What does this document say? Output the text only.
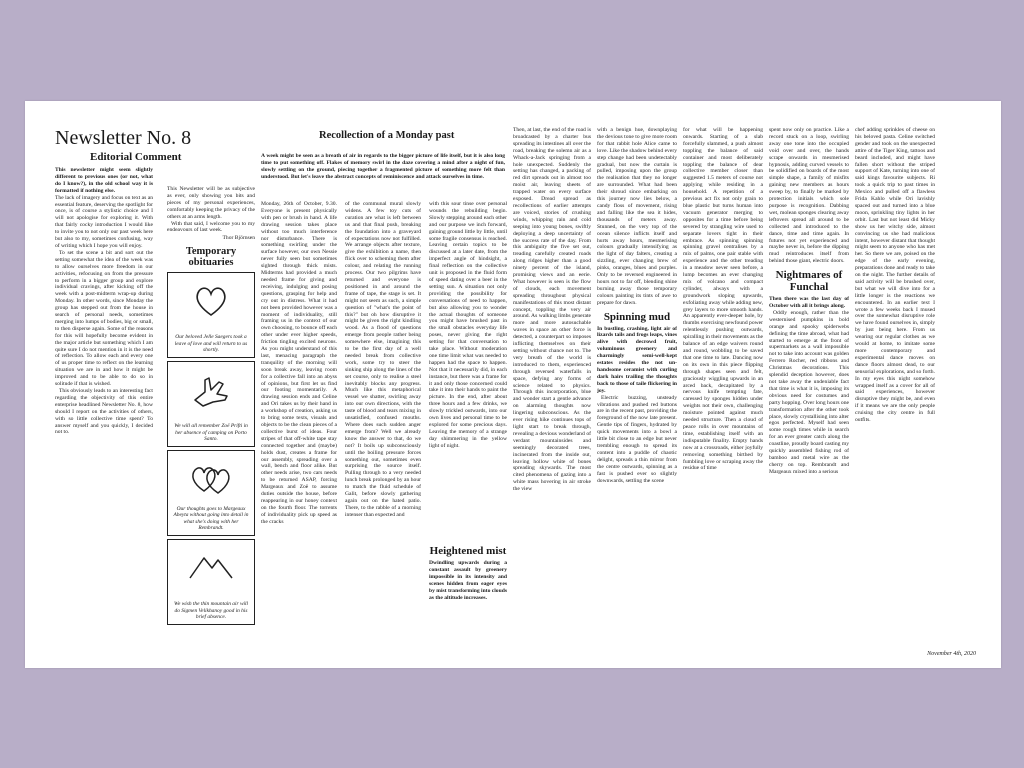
Newsletter No. 8
Editorial Comment

This newsletter might seem slightly different to previous ones (or not, what do I know?), in the old school way it is formatted if nothing else.

The lack of imagery and focus on text as an essential feature, deserving the spotlight for once, is of course a stylistic choice and I will not apologise for exploring it. With that fairly cocky introduction I would like to invite you to not only our past week here but also to my, sometimes confusing, way of writing which I hope you will enjoy.

To set the scene a bit and sort out the setting somewhat the idea of the week was to allow ourselves more freedom in our activities, refocusing on from the pressure to perform in a bigger group and explore individual cravings, after kicking off the week with a post-midterm wrap-up during Monday. In other words, since Monday the group has stepped out from the house in search of personal needs, sometimes merging into lumps of bodies, big or small, to then disperse again. Some of the reasons for this will hopefully become evident in the major article but something which I am quite sure I do not mention in it is the need of reflection. To allow each and every one of us proper time to reflect on the learning situation we are in and how it might be improved and to be able to do so in solitude if that is wished.

This obviously leads to an interesting fact regarding the objectivity of this entire enterprise headlined Newsletter No. 8, how should I report on the activities of others, with so little collective time spent? To answer myself and you quickly, I decided not to.

This Newsletter will be as subjective as ever, only showing you bits and pieces of my personal experiences, comfortably keeping the privacy of the others at an arms length.

With that said, I welcome you to my endeavours of last week.

Thor Björnsen
Temporary obituaries
Our beloved Jelle Saegers took a leave of love and will return to us shortly.
We will all remember Zoë Prifti in her absence of camping on Porto Santo.
Our thoughts goes to Margeaux Abeyta without going into detail in what she's doing with her Rembrandt.
We wish the thin mountain air will do Sigmen Velikhanoy good in his brief absence.
Recollection of a Monday past

A week might be seen as a breath of air in regards to the bigger picture of life itself, but it is also long time to put something off. Flakes of memory swirl in the daze covering a mind after a night of fun, slowly settling on the ground, piecing together a fragmented picture of something more felt than understood. But let's leave the abstract concepts of reminiscence and attack ourselves in time.

Monday, 26th of October, 9.30. Everyone is present physically with pen or brush in hand. A life drawing session takes place without too much interference nor disturbance. There is something swirling under the surface however, our own Nessie never fully seen but sometimes sighted through thick mists. Midterms had provided a much needed frame for giving and receiving, indulging and posing questions, grasping for help and cry out in distress. What it had not been provided however was a moment of individuality, still framing us in the context of our own choosing, to bounce off each other under ever higher speeds, friction tingling excited neurons. As you might understand of this last, menacing paragraph the tranquility of the morning will soon break away, leaving room for a collective fall into an abyss of opinions, but first let us find our footing momentarily. A drawing session ends and Celine and Ori takes us by their hand in a workshop of creation, asking us to bring some texts, visuals and objects to be the clean pieces of a collective burst of ideas. Four stripes of that off-white tape stay connected together and (maybe) holds dust, creates a frame for our assembly, spreading over a wall, bench and floor alike. But other needs arise, two cars needs to be returned ASAP, forcing Margeaux and Zoë to assume duties outside the house, before reappearing in our honey context on the fourth floor. The torrents of individuality pick up speed as the cracks

of the communal mural slowly widens. A few toy cuts of curation are what is left between us and that final push, breaking the foundation into a graveyard of expectations now not fulfilled. We arrange objects after texture, give the exhibition a name, then flick over to scheming them after colour, and relating the running process. Our two pilgrims have returned and everyone is positioned in and around the frame of tape, the stage is set. It might not seem as such, a simple question of "what's the point of this?" but oh how disruptive it might be given the right kindling wood. As a flood of questions emerge from people rather being somewhere else, imagining this to be the first day of a well needed break from collective work, some try to steer the sinking ship along the lines of the set course, only to realise a steel inevitably blocks any progress. Much like this metaphorical vessel we shatter, swirling away into our own directions, with the taste of blood and tears mixing in unsatisfied, confused mouths. Where does such sudden anger emerge from? Well we already know the answer to that, do we not? It boils up subconsciously until the boiling pressure forces something out, sometimes even surprising the source itself. Pulling through to a very needed lunch break prolonged by an hour to match the fluid schedule of Galit, before slowly gathering again out on the hated patio. There, to the rabble of a morning intenser than expected and

with this sour tinse over personal wounds the rebuilding begin. Slowly stepping around each other and our purpose we inch forward, gaining ground little by little, until some fragile consensus is reached. Leaving certain topics to be discussed at a later date, from the imperfect angle of hindsight, a final reflection on the collective unit is proposed in the fluid form of speed dating over a beer in the setting sun. A situation not only providing the possibility for conversations of need to happen, but also allowing you to wonder the actual thoughts of someone you might have brushed past in the small obstacles everyday life poses, never giving the right setting for that conversation to take place. Without moderation one time limit what was needed to happen had the space to happen. Not that it necessarily did, in each instance, but there was a frame for it and only those concerned could take it into their hands to paint the picture. In the end, after about three hours and a few drinks, we slowly trickled outwards, into our own lives and personal time to be explored for some precious days. Leaving the memory of a strange day shimmering in the yellow light of night.

Heightened mist

Dwindling upwards during a constant assault by greenery impossible in its intensity and scenes hidden from eager eyes by mist transforming into clouds as the altitude increases.

Then, at last, the end of the road is broadcasted by a charter bus spreading its intestines all over the road, breaking the solemn air as a Whack-a-Jack springing from a hole unexpected. Suddenly the setting has changed, a packing of red dirt spreads out in almost too moist air, leaving sheets of trapped water on every surface exposed. Dread spread as recollections of earlier attempts are voiced, stories of crushing winds, whipping rain and cold seeping into young bones, swiftly deploying a deep uncertainty of the success rate of the day. From this ambiguity the five set out, treading carefully created roads along ridges higher than a good ninety percent of the island, promising views and an eerie. What however is seen is the flow of clouds, each movement spreading throughout physical manifestations of this most distant concept, toppling the very air around. As walking limbs generate more and more autosuchable waves in space an other force is detected, a counterpart so imposes inflicting themselves on their setting without chance not to. The very breath of the world is introduced to them, experienced through reversed waterfalls in space, defying any forms of science related to physics. Through this incorporation, blue and wonder start a gentle advance on alarming thoughts now lingering subconscious. As the ever rising hike continues tops of light start to break through, revealing a devious wonderland of verdant mountainsides and seemingly decorated trees, incinerated from the inside out, leaving hollow white of bones spreading skywards. The most cited phenomena of gazing into a white mass hovering in air stroke the view

with a benign hue, downplaying the devious tone to give more room for that rabbit hole Alice came to love. Like the shadow behind every step change had been undetectably gradual, but now the curtain is pulled, imposing upon the group the realisation that they no longer are surrounded. What had been their shroud since embarking on this journey now lies below, a candy floss of movement, rising and falling like the sea it hides, thousands of meters away. Stunned, on the very top of the ocean silence inflicts itself and hurts away hours, mesmerising colours gradually intensifying as the light of day falters, creating a sizzling, ever changing brew of pinks, oranges, blues and purples. Only to be reversed engineered in hours not to far off, blending shine burning away those temporary colours painting its tints of awe to prepare for dawn.

Spinning mud

In bustling, crashing, light air of lizards tails and frogs leaps, vines alive with decrowd fruit, voluminous greenery and charmingly semi-well-kept estates resides the not un-handsome ceramist with curling dark hairs trailing the thoughts back to those of taile flickering in joy.

Electric buzzing, unsteady vibrations and pushed red buttons are in the recent past, providing the foreground of the now late present. Gentle tips of fingers, hydrated by quick movements into a bowl a little bit close to an edge but never trembling enough to spread its content into a puddle of chaotic delight, spreads a thin mirror from the centre outwards, spinning as a fast is pushed ever so slightly downwards, settling the scene

for what will be happening onwards. Starting of a slab forcefully slammed, a push almost toppling the balance of said container and most deliberately toppling the balance of dear collective member closer than suggested 1.5 meters of course not applying while residing in a household. A repetition of a previous act fix not only grain to blue plastic but turns human into vacuum generator merging to opposites for a time before being severed by strangling wire used to separate lovers tight in their embrace. As spinning spinning spinning gravel centralises by a mix of palms, one pair stable with experience and the other treading in a meadow never seen before, a lump becomes an ever changing mix of volcano and compact cylinder, always with a groundwork sloping upwards, exfoliating away while adding new, grey layers to more smooth hands. An apparently ever-deeper hole, by thumbs exercising newfound power relentlessly pushing outwards, spiralling in their movements as the balance of an edge waivers round and round, wobbling to be saved that one time to late. Dancing now on its own in this piece flipping through shapes seen and felt, graciously wiggling upwards in an arced back, decapitated by a nervous knife tempting fate, caressed by sponges hidden under weights not their own, challenging moisture pointed against much needed structure. Then a cloud of peace rolls in over mountains of time, establishing itself with an indisputable finality. Empty hands now at a crossroads, either joyfully removing something birthed by fumbling love or scraping away the residue of time

spent now only on practice. Like a record stuck on a loop, swirling away one tone into the occupied void over and over, the hands scrape onwards in mesmerised hypnosis, adding curved vessels to be solidified on boards of the most simple shape, a family of misfits gaining new members as hours sweep by, to finally be marked by protection initials which sole purpose is recognition. Dabbing wet, molean sponges clearing away leftovers spread all around to be collected and introduced to the dance, time and time again. In futures not yet experienced and maybe never in, before the dipping mud reintroduces itself from behind those giant, electric doors.

Nightmares of Funchal

Then there was the last day of October with all it brings along.

Oddly enough, rather than the westernised pumpkins in bold orange and spooky spiderwebs defining the time abroad, what had started to emerge at the front of supermarkets as a wall impossible not to take into account was golden Ferrero Rocher, red ribbons and Christmas decorations. This splendid deception however, does not take away the undeniable fact that time is what it is, imposing its obvious need for costumes and party hopping. Over long hours one transformation after the other took place, slowly crystallising into alter egos perfected. Myself had seen some rough times while in search for an ever greater catch along the coastline, proudly board casting my quickly assembled fishing rod of bamboo and metal wire as the cherry on top. Rembrandt and Margeaux mixed into a serious

chef adding sprinkles of cheese on his beloved pasta. Celine switched gender and took on the unexpected attire of the Tiger King, tattoos and beard included, and might have fallen short without the striped support of Kate, turning into one of said kings favourite subjects. Ri took a quick trip to past times in Mexico and pulled off a flawless Frida Kahlo while Ori lavishly spaced out and turned into a blue moon, sprinkling tiny lights in her orbit. Last but not least did Micky show us her witchy side, almost convincing us she had malicious intent, however distant that thought might seem to anyone who has met her. So there we are, poised on the edge of the early evening, preparations done and ready to take on the night. The further details of said activity will be brushed over, but what we will dive into for a little longer is the reactions we encountered. In an earlier text I wrote a few weeks back I mused over the somewhat disruptive role we have found ourselves in, simply by just being here. From us wearing our regular clothes as we would at home, to imitate some more contemporary and experimental dance moves on dance floors almost dead, to our sensorial explorations, and so forth. In my eyes this night somehow wrapped itself as a cover for all of said experiences, however disruptive they might be, and even if it means we are the only people cruising the city centre in full outfits.

November 4th, 2020
